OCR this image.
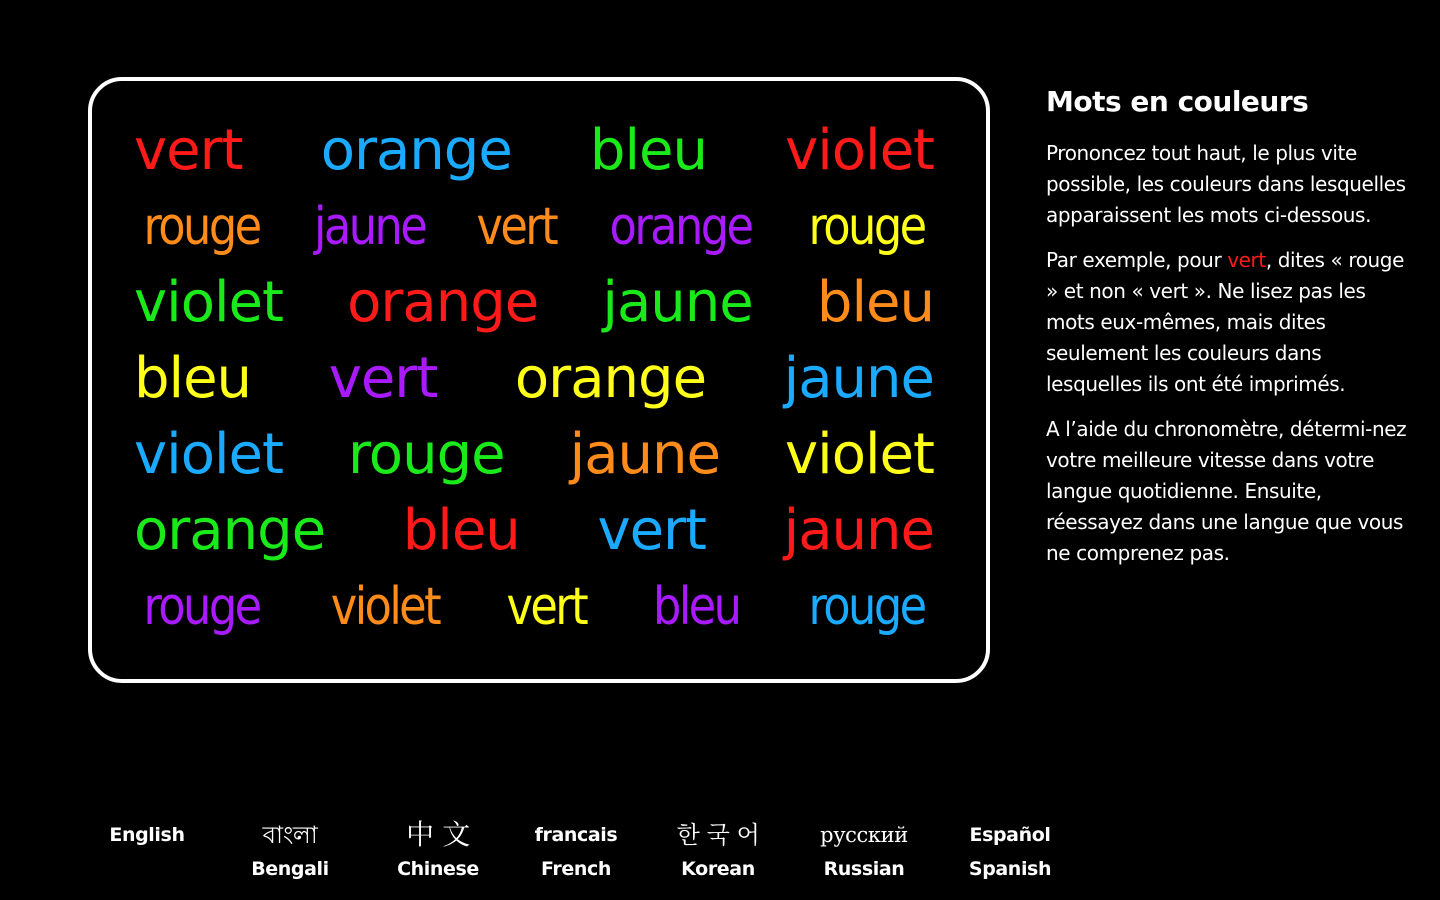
vert orange bleu violet
rouge jaune vert orange rouge
violet orange jaune bleu
bleu vert orange jaune
violet rouge jaune violet
orange bleu vert jaune
rouge violet vert bleu rouge
Mots en couleurs

Prononcez tout haut, le plus vite possible, les couleurs dans lesquelles apparaissent les mots ci-dessous.

Par exemple, pour vert, dites « rouge » et non « vert ». Ne lisez pas les mots eux-mêmes, mais dites seulement les couleurs dans lesquelles ils ont été imprimés.

A l’aide du chronomètre, détermi-nez votre meilleure vitesse dans votre langue quotidienne. Ensuite, réessayez dans une langue que vous ne comprenez pas.

English	বাংলা
Bengali
中 文
Chinese
francais
French
한 국 어
Korean
русский
Russian
Español
Spanish
